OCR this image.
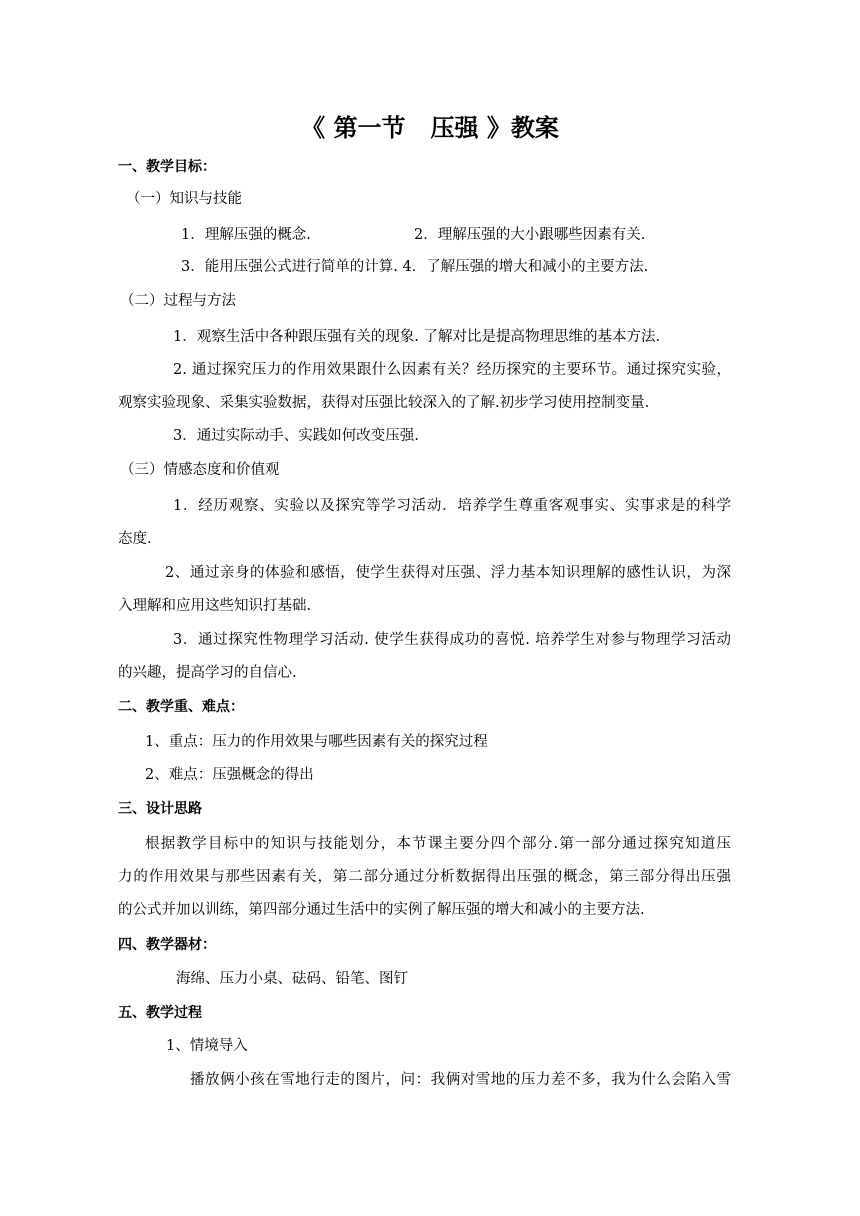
《 第一节   压强 》教案
一、教学目标：
（一）知识与技能
1．理解压强的概念.	2．理解压强的大小跟哪些因素有关.
3．能用压强公式进行简单的计算. 4．了解压强的增大和减小的主要方法.
（二）过程与方法
1．观察生活中各种跟压强有关的现象. 了解对比是提高物理思维的基本方法.
2. 通过探究压力的作用效果跟什么因素有关？经历探究的主要环节。通过探究实验，
观察实验现象、采集实验数据，获得对压强比较深入的了解.初步学习使用控制变量.
3．通过实际动手、实践如何改变压强.
（三）情感态度和价值观
1．经历观察、实验以及探究等学习活动．培养学生尊重客观事实、实事求是的科学
态度.
2、通过亲身的体验和感悟，使学生获得对压强、浮力基本知识理解的感性认识，为深
入理解和应用这些知识打基础.
3．通过探究性物理学习活动. 使学生获得成功的喜悦. 培养学生对参与物理学习活动
的兴趣，提高学习的自信心.
二、教学重、难点：
1、重点：压力的作用效果与哪些因素有关的探究过程
2、难点：压强概念的得出
三、设计思路
根据教学目标中的知识与技能划分，本节课主要分四个部分.第一部分通过探究知道压
力的作用效果与那些因素有关，第二部分通过分析数据得出压强的概念，第三部分得出压强
的公式并加以训练，第四部分通过生活中的实例了解压强的增大和减小的主要方法.
四、教学器材：
海绵、压力小桌、砝码、铅笔、图钉
五、教学过程
1、情境导入
播放俩小孩在雪地行走的图片，问：我俩对雪地的压力差不多，我为什么会陷入雪
